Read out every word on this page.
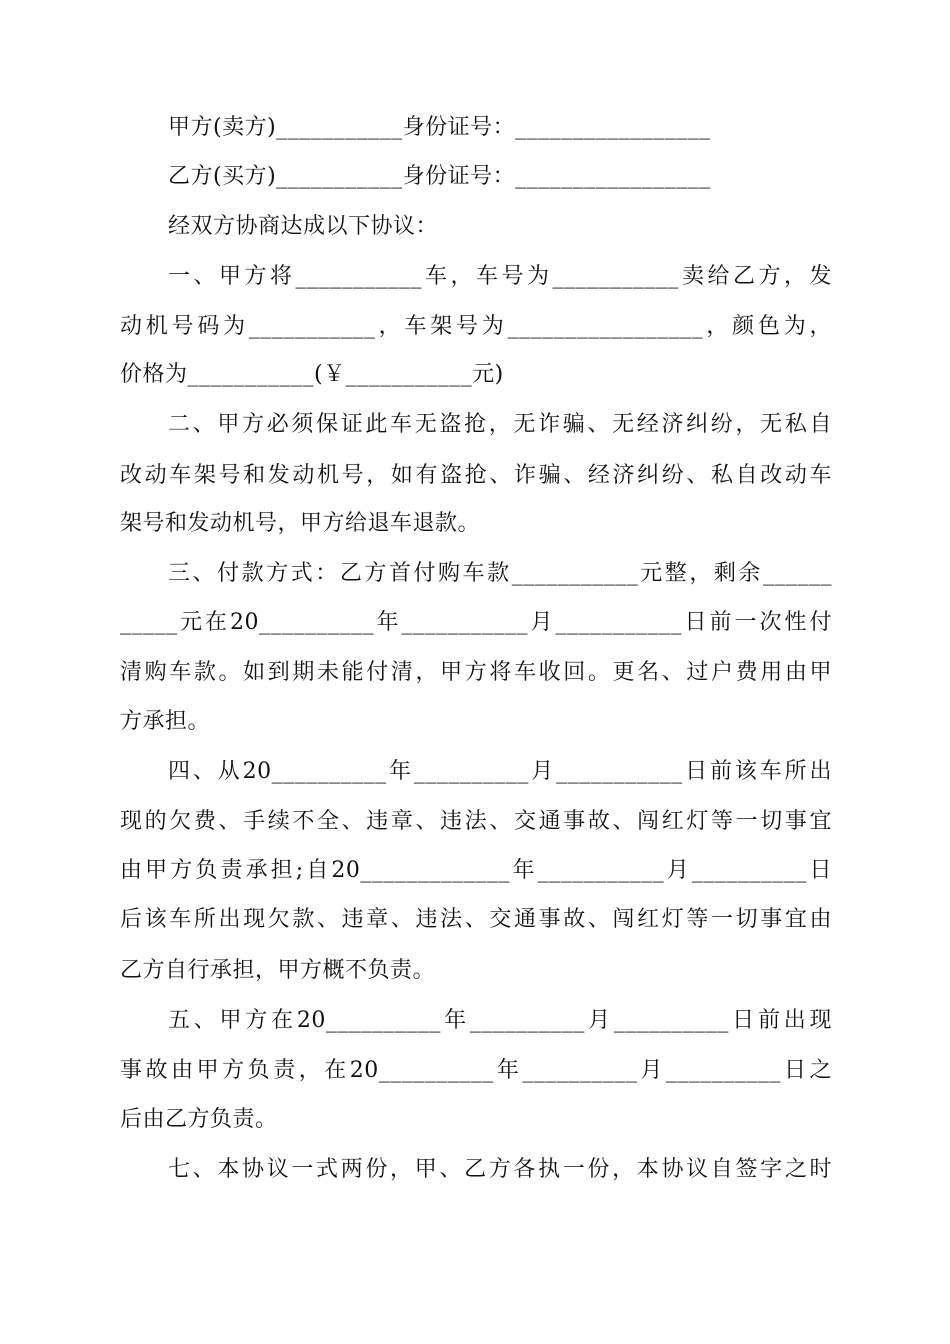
甲方(卖方)___________身份证号：_________________
乙方(买方)___________身份证号：_________________
经双方协商达成以下协议：
一、甲方将___________车，车号为___________卖给乙方，发
动机号码为___________，车架号为_________________，颜色为，
价格为___________(￥___________元)
二、甲方必须保证此车无盗抢，无诈骗、无经济纠纷，无私自
改动车架号和发动机号，如有盗抢、诈骗、经济纠纷、私自改动车
架号和发动机号，甲方给退车退款。
三、付款方式：乙方首付购车款___________元整，剩余______
_____元在20__________年___________月___________日前一次性付
清购车款。如到期未能付清，甲方将车收回。更名、过户费用由甲
方承担。
四、从20__________年__________月___________日前该车所出
现的欠费、手续不全、违章、违法、交通事故、闯红灯等一切事宜
由甲方负责承担;自20_____________年___________月__________日
后该车所出现欠款、违章、违法、交通事故、闯红灯等一切事宜由
乙方自行承担，甲方概不负责。
五、甲方在20__________年__________月__________日前出现
事故由甲方负责，在20__________年__________月__________日之
后由乙方负责。
七、本协议一式两份，甲、乙方各执一份，本协议自签字之时
